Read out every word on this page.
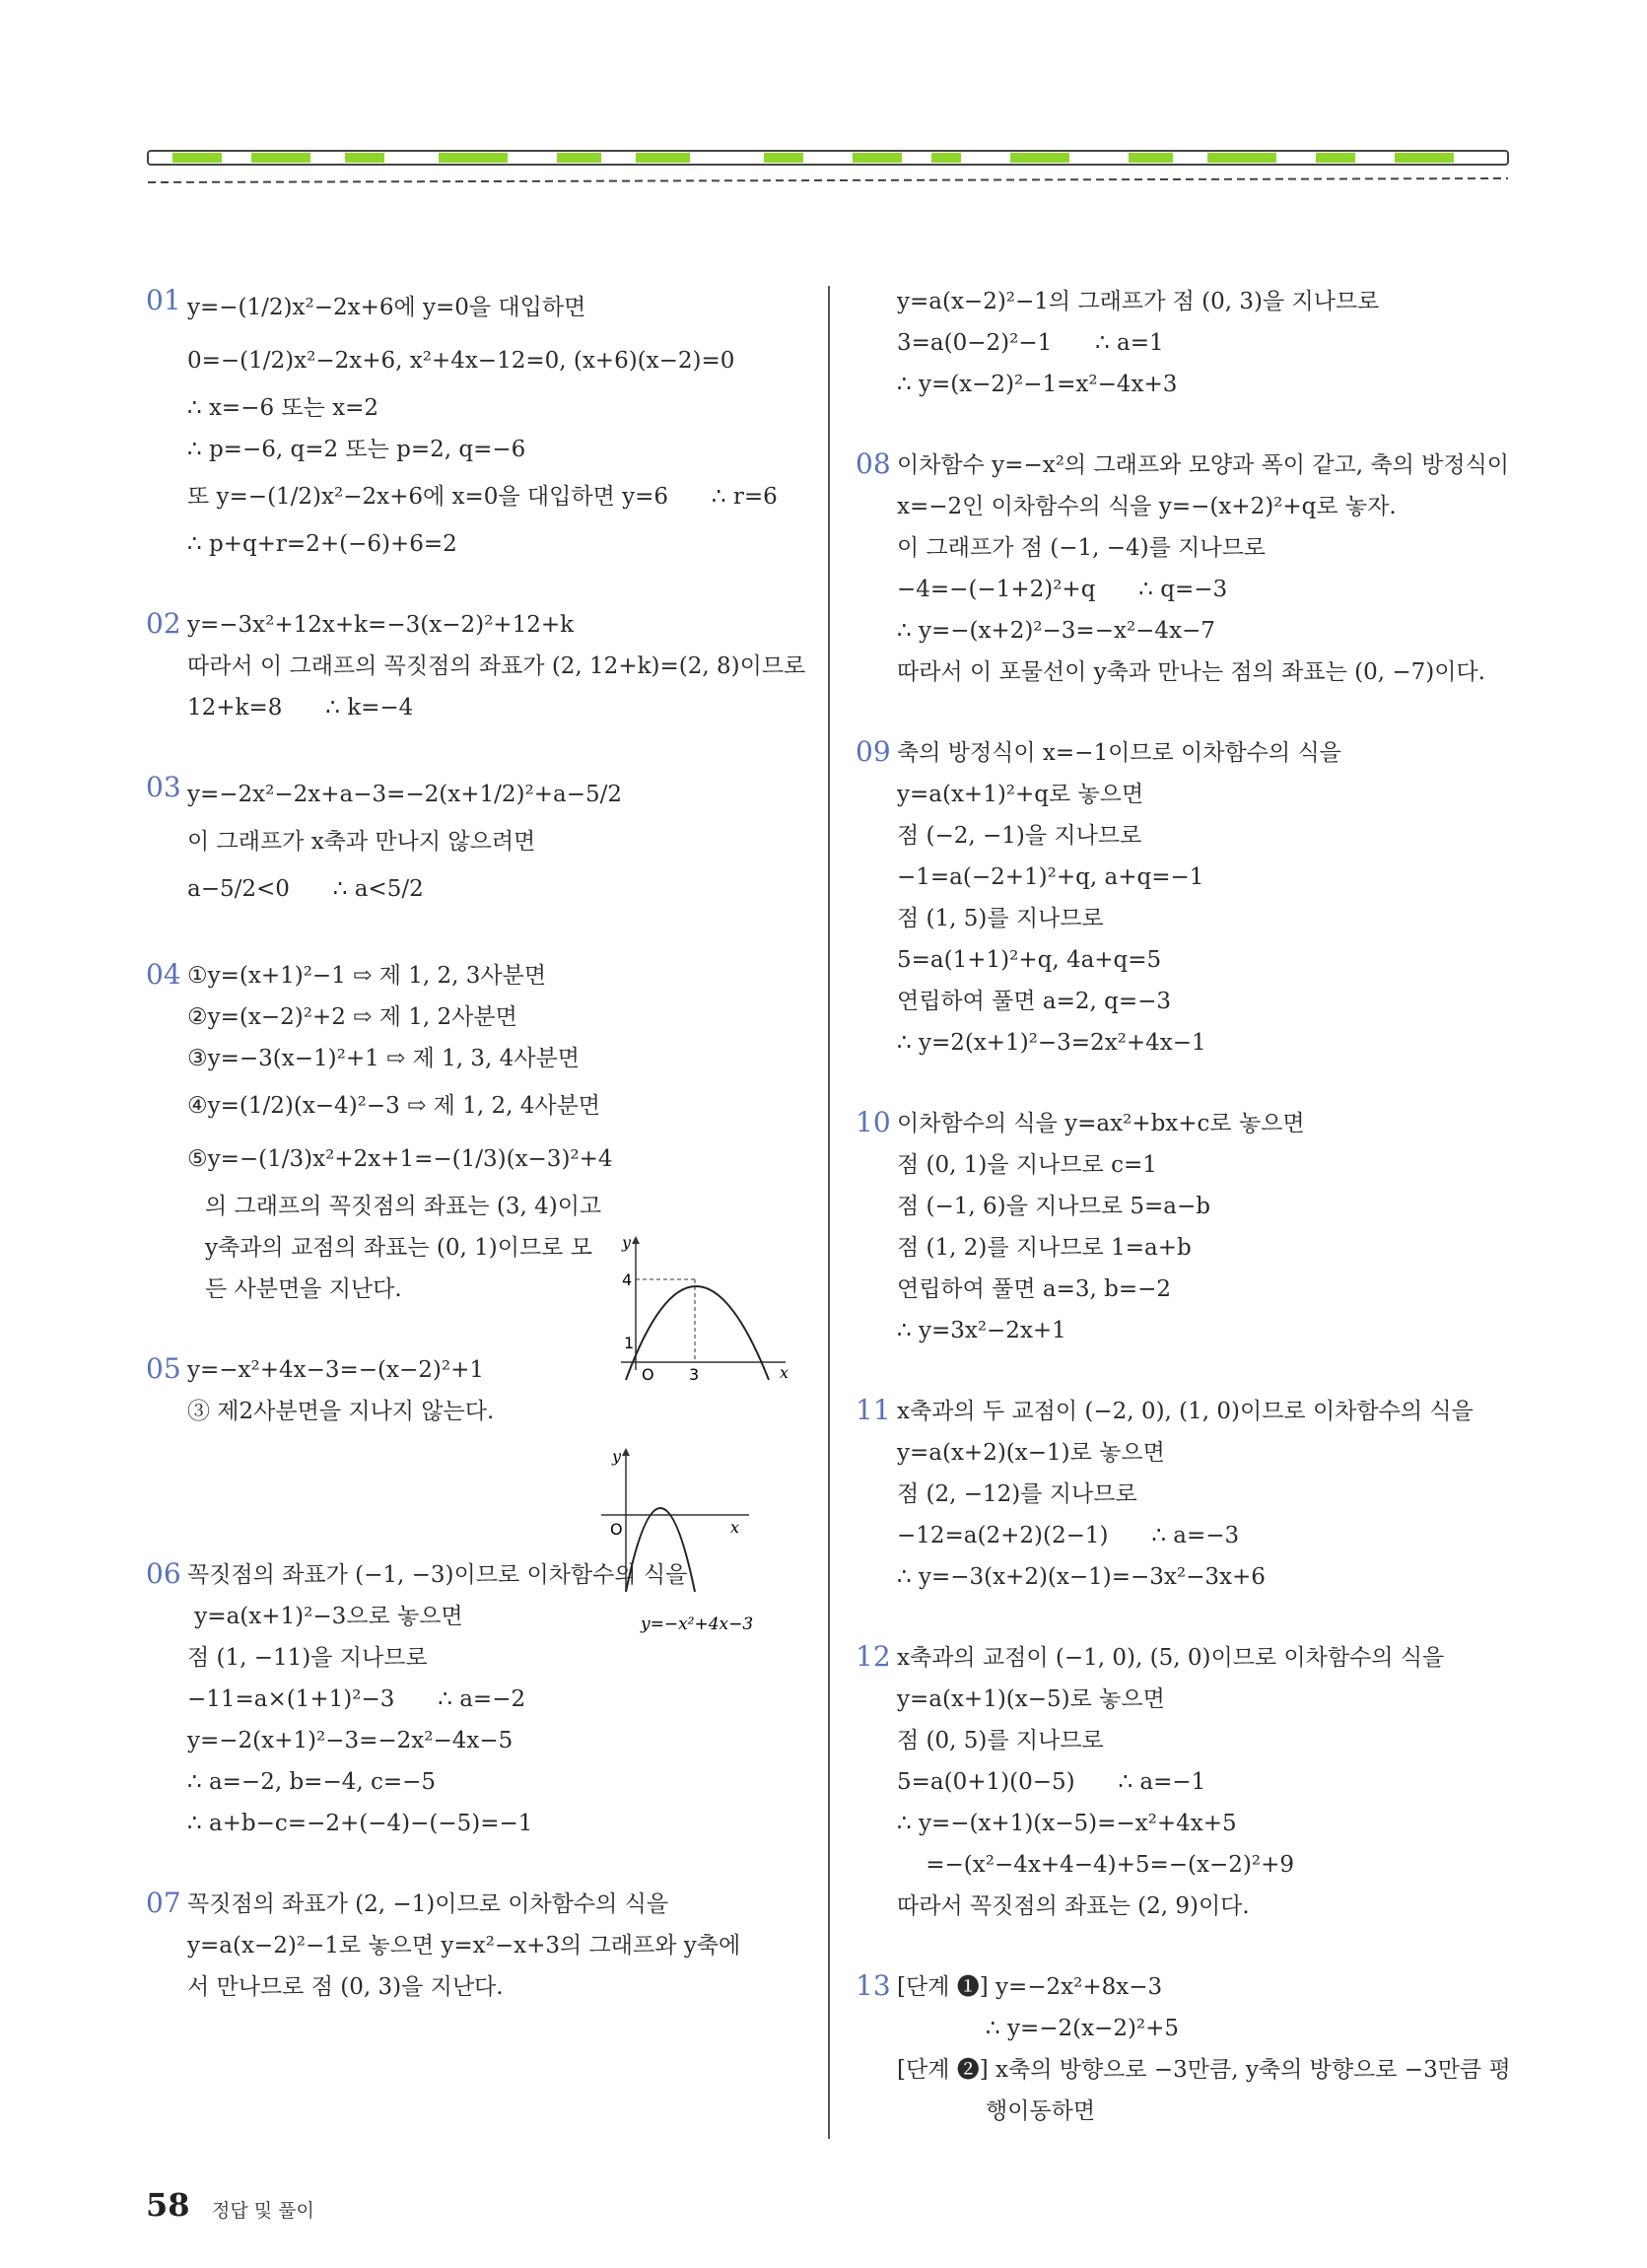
01 y=−(1/2)x²−2x+6에 y=0을 대입하면
0=−(1/2)x²−2x+6, x²+4x−12=0, (x+6)(x−2)=0
∴ x=−6 또는 x=2
∴ p=−6, q=2 또는 p=2, q=−6
또 y=−(1/2)x²−2x+6에 x=0을 대입하면 y=6      ∴ r=6
∴ p+q+r=2+(−6)+6=2
02 y=−3x²+12x+k=−3(x−2)²+12+k
따라서 이 그래프의 꼭짓점의 좌표가 (2, 12+k)=(2, 8)이므로
12+k=8      ∴ k=−4
03 y=−2x²−2x+a−3=−2(x+1/2)²+a−5/2
이 그래프가 x축과 만나지 않으려면
a−5/2<0      ∴ a<5/2
04 ①y=(x+1)²−1 ⇨ 제 1, 2, 3사분면
②y=(x−2)²+2 ⇨ 제 1, 2사분면
③y=−3(x−1)²+1 ⇨ 제 1, 3, 4사분면
④y=(1/2)(x−4)²−3 ⇨ 제 1, 2, 4사분면
⑤y=−(1/3)x²+2x+1=−(1/3)(x−3)²+4
의 그래프의 꼭짓점의 좌표는 (3, 4)이고
y축과의 교점의 좌표는 (0, 1)이므로 모
든 사분면을 지난다.
05 y=−x²+4x−3=−(x−2)²+1
③ 제2사분면을 지나지 않는다.
06 꼭짓점의 좌표가 (−1, −3)이므로 이차함수의 식을
y=a(x+1)²−3으로 놓으면
점 (1, −11)을 지나므로
−11=a×(1+1)²−3      ∴ a=−2
y=−2(x+1)²−3=−2x²−4x−5
∴ a=−2, b=−4, c=−5
∴ a+b−c=−2+(−4)−(−5)=−1
07 꼭짓점의 좌표가 (2, −1)이므로 이차함수의 식을
y=a(x−2)²−1로 놓으면 y=x²−x+3의 그래프와 y축에
서 만나므로 점 (0, 3)을 지난다.
y=a(x−2)²−1의 그래프가 점 (0, 3)을 지나므로
3=a(0−2)²−1      ∴ a=1
∴ y=(x−2)²−1=x²−4x+3
08 이차함수 y=−x²의 그래프와 모양과 폭이 같고, 축의 방정식이
x=−2인 이차함수의 식을 y=−(x+2)²+q로 놓자.
이 그래프가 점 (−1, −4)를 지나므로
−4=−(−1+2)²+q      ∴ q=−3
∴ y=−(x+2)²−3=−x²−4x−7
따라서 이 포물선이 y축과 만나는 점의 좌표는 (0, −7)이다.
09 축의 방정식이 x=−1이므로 이차함수의 식을
y=a(x+1)²+q로 놓으면
점 (−2, −1)을 지나므로
−1=a(−2+1)²+q, a+q=−1
점 (1, 5)를 지나므로
5=a(1+1)²+q, 4a+q=5
연립하여 풀면 a=2, q=−3
∴ y=2(x+1)²−3=2x²+4x−1
10 이차함수의 식을 y=ax²+bx+c로 놓으면
점 (0, 1)을 지나므로 c=1
점 (−1, 6)을 지나므로 5=a−b
점 (1, 2)를 지나므로 1=a+b
연립하여 풀면 a=3, b=−2
∴ y=3x²−2x+1
11 x축과의 두 교점이 (−2, 0), (1, 0)이므로 이차함수의 식을
y=a(x+2)(x−1)로 놓으면
점 (2, −12)를 지나므로
−12=a(2+2)(2−1)      ∴ a=−3
∴ y=−3(x+2)(x−1)=−3x²−3x+6
12 x축과의 교점이 (−1, 0), (5, 0)이므로 이차함수의 식을
y=a(x+1)(x−5)로 놓으면
점 (0, 5)를 지나므로
5=a(0+1)(0−5)      ∴ a=−1
∴ y=−(x+1)(x−5)=−x²+4x+5
=−(x²−4x+4−4)+5=−(x−2)²+9
따라서 꼭짓점의 좌표는 (2, 9)이다.
13 [단계 ❶] y=−2x²+8x−3
∴ y=−2(x−2)²+5
[단계 ❷] x축의 방향으로 −3만큼, y축의 방향으로 −3만큼 평
행이동하면
y
x
O
4
1
3
y
x
O
y=−x²+4x−3
58 정답 및 풀이
